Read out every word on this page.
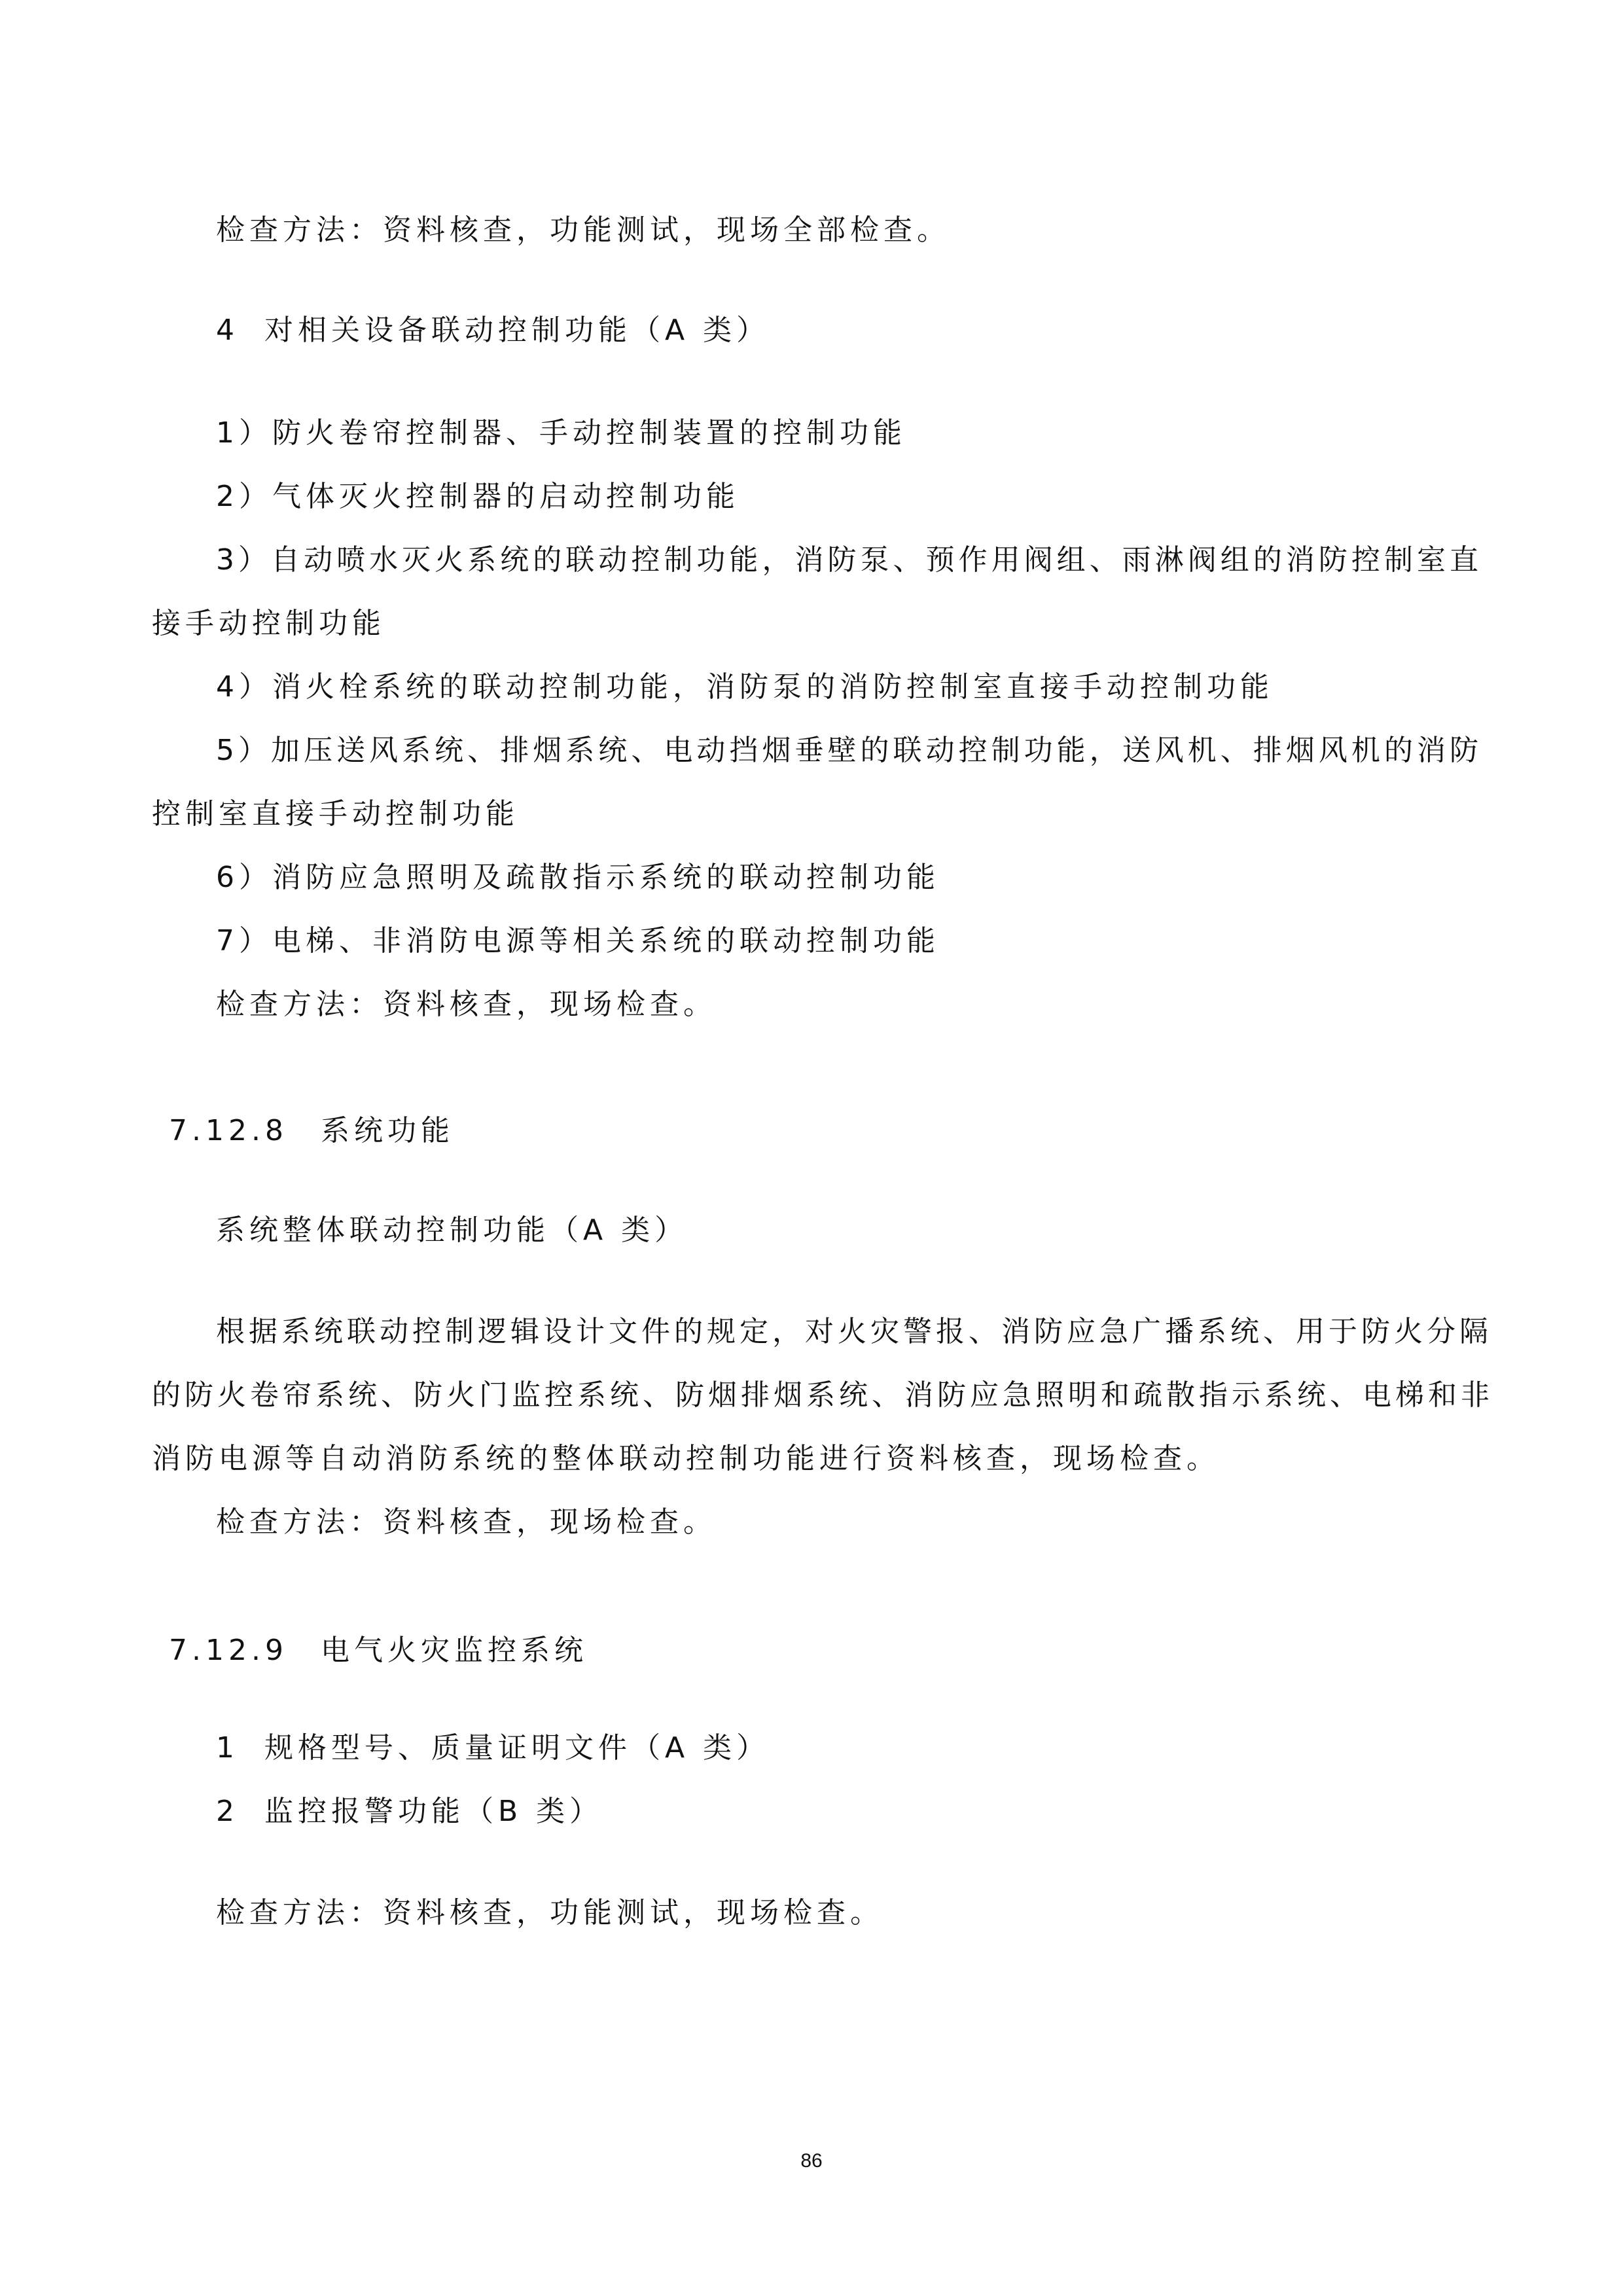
检查方法：资料核查，功能测试，现场全部检查。

4 对相关设备联动控制功能（A 类）

1）防火卷帘控制器、手动控制装置的控制功能

2）气体灭火控制器的启动控制功能

3）自动喷水灭火系统的联动控制功能，消防泵、预作用阀组、雨淋阀组的消防控制室直

接手动控制功能

4）消火栓系统的联动控制功能，消防泵的消防控制室直接手动控制功能

5）加压送风系统、排烟系统、电动挡烟垂壁的联动控制功能，送风机、排烟风机的消防

控制室直接手动控制功能

6）消防应急照明及疏散指示系统的联动控制功能

7）电梯、非消防电源等相关系统的联动控制功能

检查方法：资料核查，现场检查。

7.12.8 系统功能

系统整体联动控制功能（A 类）

根据系统联动控制逻辑设计文件的规定，对火灾警报、消防应急广播系统、用于防火分隔

的防火卷帘系统、防火门监控系统、防烟排烟系统、消防应急照明和疏散指示系统、电梯和非

消防电源等自动消防系统的整体联动控制功能进行资料核查，现场检查。

检查方法：资料核查，现场检查。

7.12.9 电气火灾监控系统

1 规格型号、质量证明文件（A 类）

2 监控报警功能（B 类）

检查方法：资料核查，功能测试，现场检查。

86
